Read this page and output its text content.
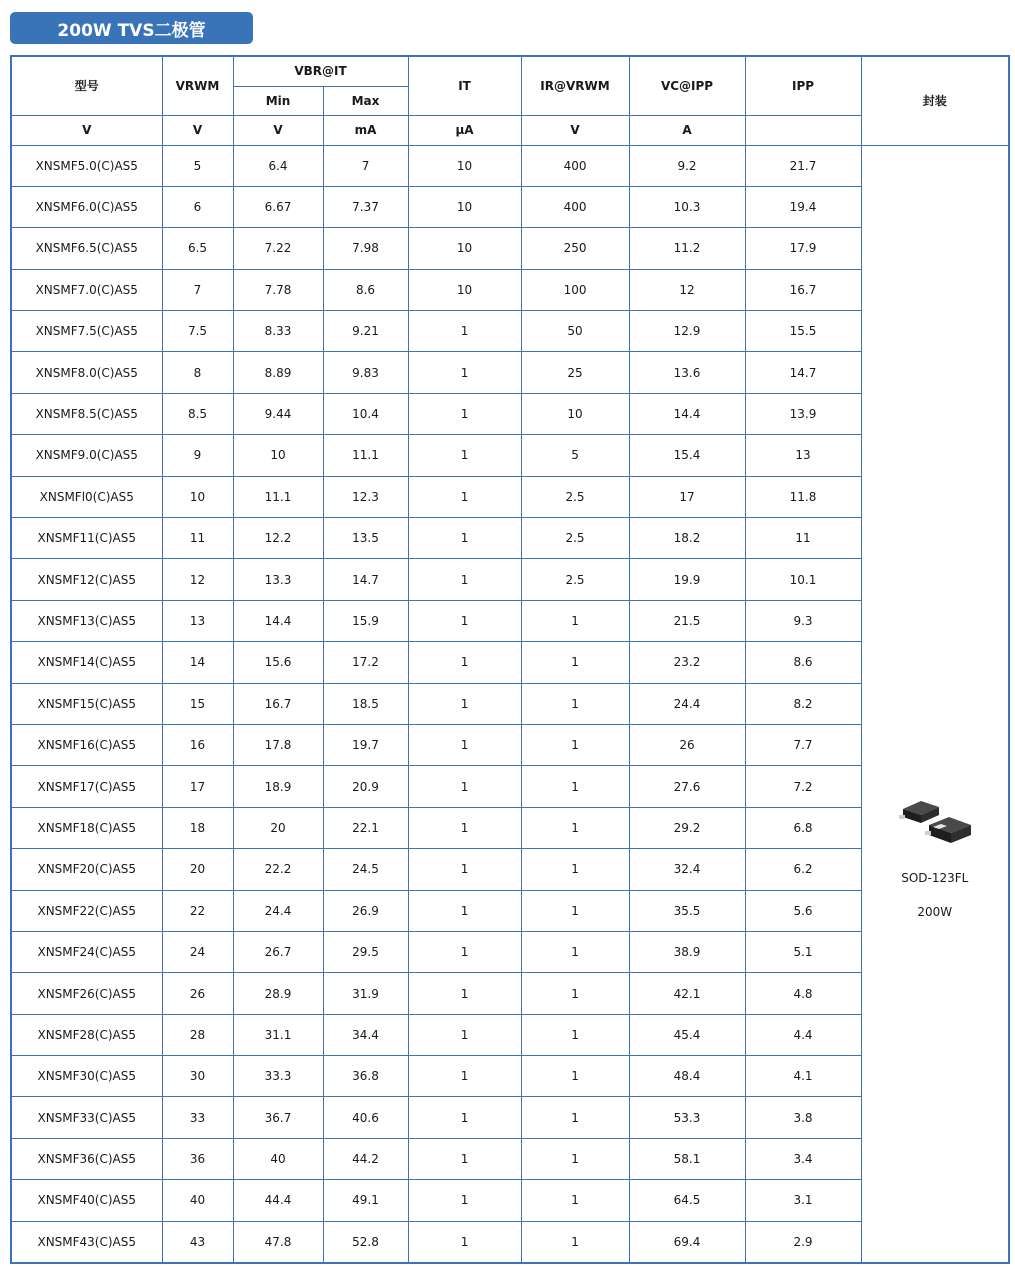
200W TVS二极管
型号	VRWM	VBR@IT		IT	IR@VRWM	VC@IPP	IPP	封装
		Min	Max					
V	V	V	mA	μA	V	A		
XNSMF5.0(C)AS5	5	6.4	7	10	400	9.2	21.7	SOD-123FL
200W

XNSMF6.0(C)AS5	6	6.67	7.37	10	400	10.3	19.4	
XNSMF6.5(C)AS5	6.5	7.22	7.98	10	250	11.2	17.9	
XNSMF7.0(C)AS5	7	7.78	8.6	10	100	12	16.7	
XNSMF7.5(C)AS5	7.5	8.33	9.21	1	50	12.9	15.5	
XNSMF8.0(C)AS5	8	8.89	9.83	1	25	13.6	14.7	
XNSMF8.5(C)AS5	8.5	9.44	10.4	1	10	14.4	13.9	
XNSMF9.0(C)AS5	9	10	11.1	1	5	15.4	13	
XNSMFl0(C)AS5	10	11.1	12.3	1	2.5	17	11.8	
XNSMF11(C)AS5	11	12.2	13.5	1	2.5	18.2	11	
XNSMF12(C)AS5	12	13.3	14.7	1	2.5	19.9	10.1	
XNSMF13(C)AS5	13	14.4	15.9	1	1	21.5	9.3	
XNSMF14(C)AS5	14	15.6	17.2	1	1	23.2	8.6	
XNSMF15(C)AS5	15	16.7	18.5	1	1	24.4	8.2	
XNSMF16(C)AS5	16	17.8	19.7	1	1	26	7.7	
XNSMF17(C)AS5	17	18.9	20.9	1	1	27.6	7.2	
XNSMF18(C)AS5	18	20	22.1	1	1	29.2	6.8	
XNSMF20(C)AS5	20	22.2	24.5	1	1	32.4	6.2	
XNSMF22(C)AS5	22	24.4	26.9	1	1	35.5	5.6	
XNSMF24(C)AS5	24	26.7	29.5	1	1	38.9	5.1	
XNSMF26(C)AS5	26	28.9	31.9	1	1	42.1	4.8	
XNSMF28(C)AS5	28	31.1	34.4	1	1	45.4	4.4	
XNSMF30(C)AS5	30	33.3	36.8	1	1	48.4	4.1	
XNSMF33(C)AS5	33	36.7	40.6	1	1	53.3	3.8	
XNSMF36(C)AS5	36	40	44.2	1	1	58.1	3.4	
XNSMF40(C)AS5	40	44.4	49.1	1	1	64.5	3.1	
XNSMF43(C)AS5	43	47.8	52.8	1	1	69.4	2.9	
